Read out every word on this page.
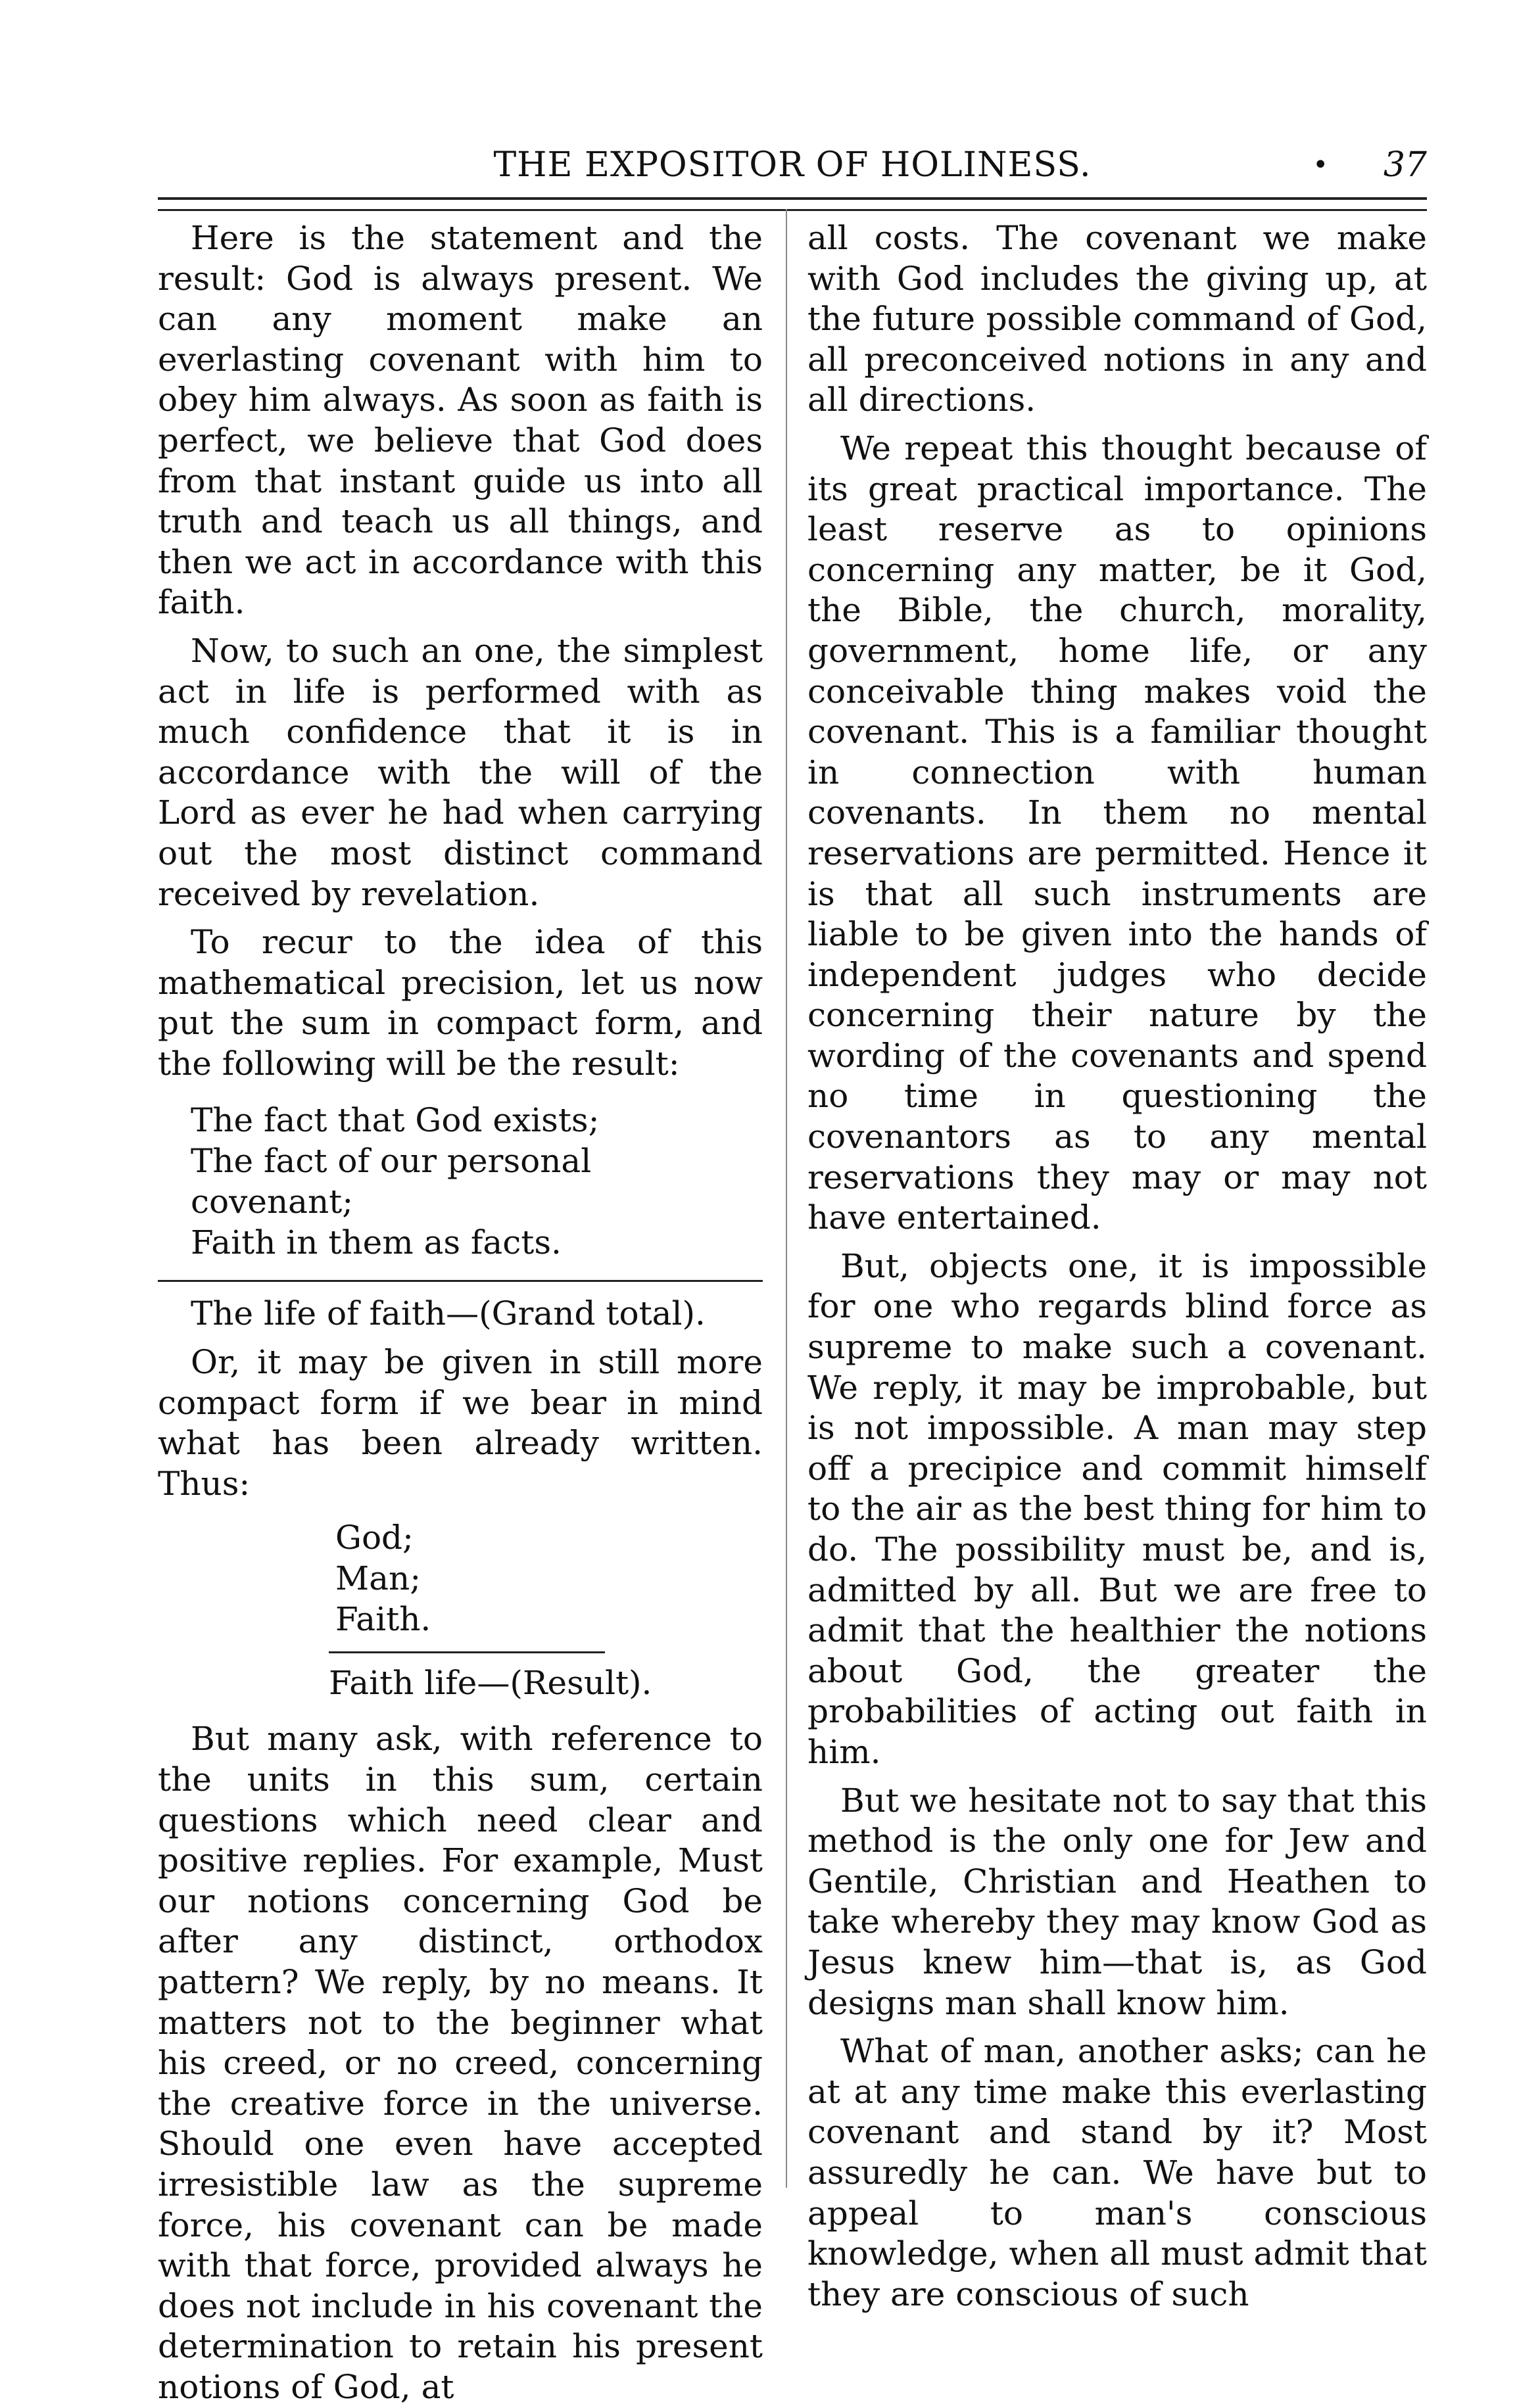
THE EXPOSITOR OF HOLINESS.	• 37

Here is the statement and the result: God is always present. We can any moment make an everlasting covenant with him to obey him always. As soon as faith is perfect, we believe that God does from that instant guide us into all truth and teach us all things, and then we act in accordance with this faith.

Now, to such an one, the simplest act in life is performed with as much confidence that it is in accordance with the will of the Lord as ever he had when carrying out the most distinct command received by revelation.

To recur to the idea of this mathematical precision, let us now put the sum in compact form, and the following will be the result:

The fact that God exists;
The fact of our personal covenant;
Faith in them as facts.

The life of faith—(Grand total).

Or, it may be given in still more compact form if we bear in mind what has been already written. Thus:

God;
Man;
Faith.
Faith life—(Result).

But many ask, with reference to the units in this sum, certain questions which need clear and positive replies. For example, Must our notions concerning God be after any distinct, orthodox pattern? We reply, by no means. It matters not to the beginner what his creed, or no creed, concerning the creative force in the universe. Should one even have accepted irresistible law as the supreme force, his covenant can be made with that force, provided always he does not include in his covenant the determination to retain his present notions of God, at

all costs. The covenant we make with God includes the giving up, at the future possible command of God, all preconceived notions in any and all directions.

We repeat this thought because of its great practical importance. The least reserve as to opinions concerning any matter, be it God, the Bible, the church, morality, government, home life, or any conceivable thing makes void the covenant. This is a familiar thought in connection with human covenants. In them no mental reservations are permitted. Hence it is that all such instruments are liable to be given into the hands of independent judges who decide concerning their nature by the wording of the covenants and spend no time in questioning the covenantors as to any mental reservations they may or may not have entertained.

But, objects one, it is impossible for one who regards blind force as supreme to make such a covenant. We reply, it may be improbable, but is not impossible. A man may step off a precipice and commit himself to the air as the best thing for him to do. The possibility must be, and is, admitted by all. But we are free to admit that the healthier the notions about God, the greater the probabilities of acting out faith in him.

But we hesitate not to say that this method is the only one for Jew and Gentile, Christian and Heathen to take whereby they may know God as Jesus knew him—that is, as God designs man shall know him.

What of man, another asks; can he at at any time make this everlasting covenant and stand by it? Most assuredly he can. We have but to appeal to man's conscious knowledge, when all must admit that they are conscious of such
